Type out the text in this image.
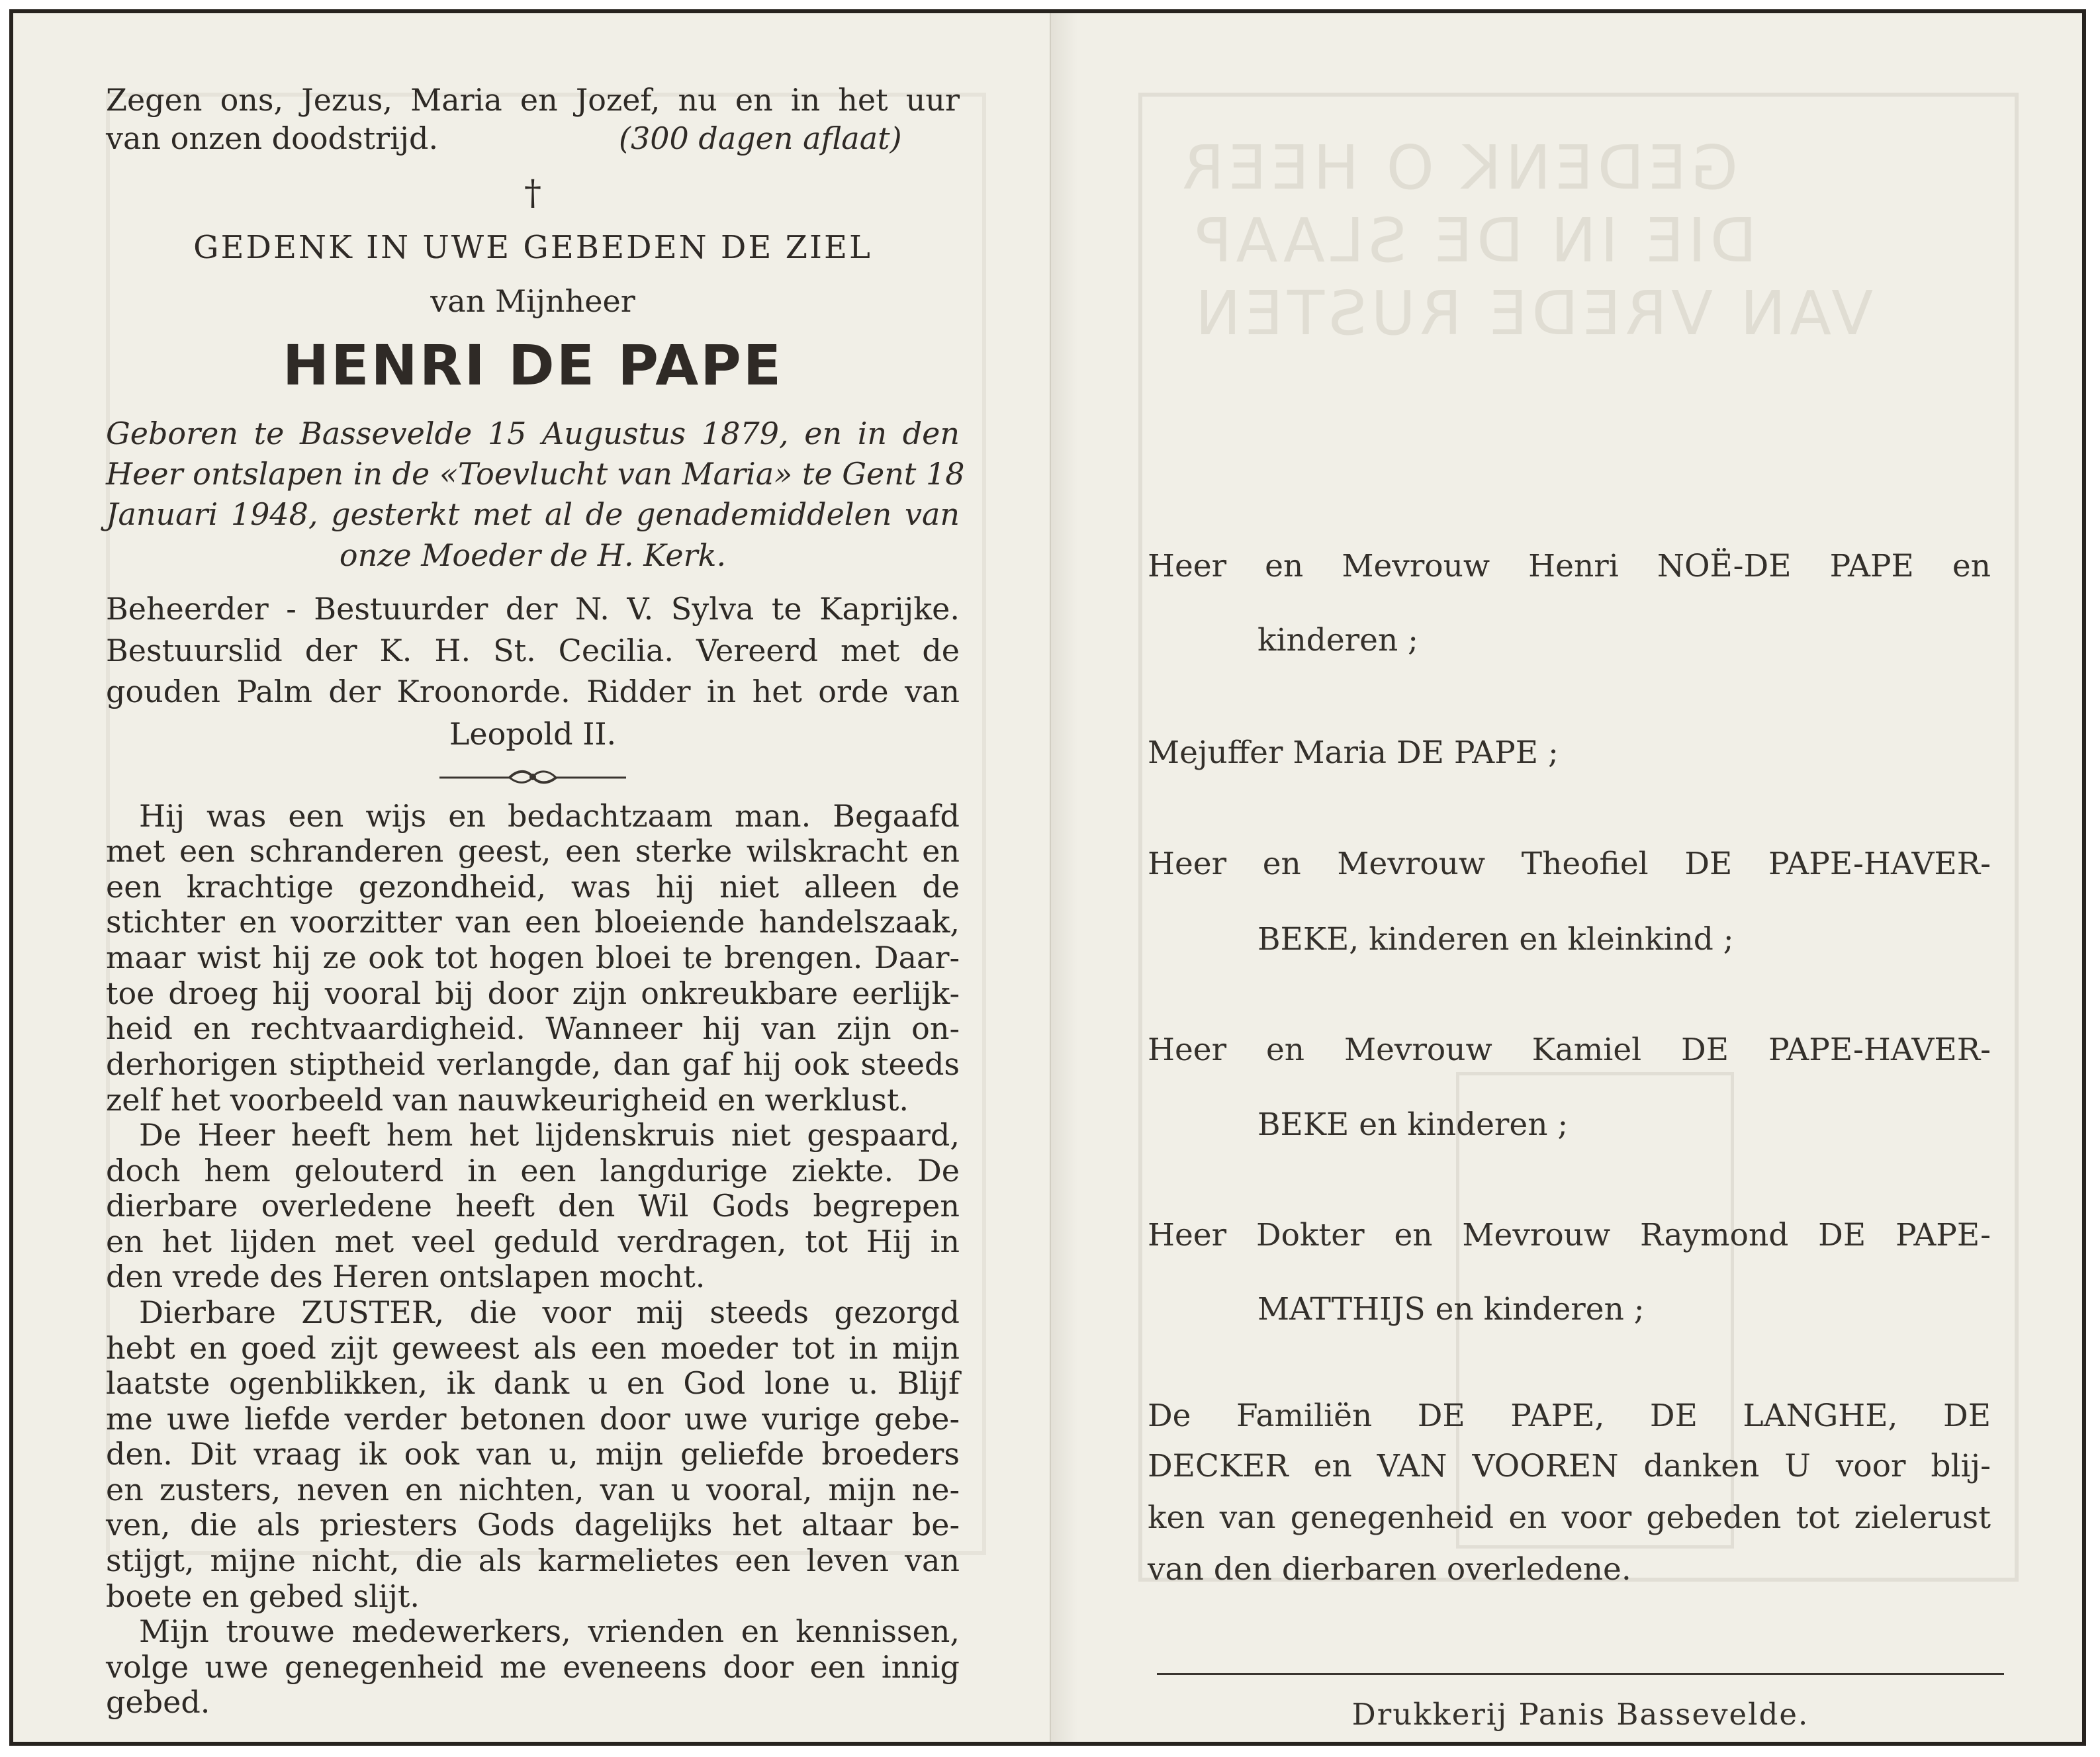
GEDENK O HEER
DIE IN DE SLAAP
VAN VREDE RUSTEN
Zegen ons, Jezus, Maria en Jozef, nu en in het uur
van onzen doodstrijd.	(300 dagen aflaat)
†
GEDENK IN UWE GEBEDEN DE ZIEL
van Mijnheer
HENRI DE PAPE
Geboren te Bassevelde 15 Augustus 1879, en in den
Heer ontslapen in de «Toevlucht van Maria» te Gent 18
Januari 1948, gesterkt met al de genademiddelen van
onze Moeder de H. Kerk.
Beheerder - Bestuurder der N. V. Sylva te Kaprijke.
Bestuurslid der K. H. St. Cecilia. Vereerd met de
gouden Palm der Kroonorde. Ridder in het orde van
Leopold II.
Hij was een wijs en bedachtzaam man. Begaafd
met een schranderen geest, een sterke wilskracht en
een krachtige gezondheid, was hij niet alleen de
stichter en voorzitter van een bloeiende handelszaak,
maar wist hij ze ook tot hogen bloei te brengen. Daar-
toe droeg hij vooral bij door zijn onkreukbare eerlijk-
heid en rechtvaardigheid. Wanneer hij van zijn on-
derhorigen stiptheid verlangde, dan gaf hij ook steeds
zelf het voorbeeld van nauwkeurigheid en werklust.
De Heer heeft hem het lijdenskruis niet gespaard,
doch hem gelouterd in een langdurige ziekte. De
dierbare overledene heeft den Wil Gods begrepen
en het lijden met veel geduld verdragen, tot Hij in
den vrede des Heren ontslapen mocht.
Dierbare ZUSTER, die voor mij steeds gezorgd
hebt en goed zijt geweest als een moeder tot in mijn
laatste ogenblikken, ik dank u en God lone u. Blijf
me uwe liefde verder betonen door uwe vurige gebe-
den. Dit vraag ik ook van u, mijn geliefde broeders
en zusters, neven en nichten, van u vooral, mijn ne-
ven, die als priesters Gods dagelijks het altaar be-
stijgt, mijne nicht, die als karmelietes een leven van
boete en gebed slijt.
Mijn trouwe medewerkers, vrienden en kennissen,
volge uwe genegenheid me eveneens door een innig
gebed.
Heer en Mevrouw Henri NOË-DE PAPE en
kinderen ;
Mejuffer Maria DE PAPE ;
Heer en Mevrouw Theofiel DE PAPE-HAVER-
BEKE, kinderen en kleinkind ;
Heer en Mevrouw Kamiel DE PAPE-HAVER-
BEKE en kinderen ;
Heer Dokter en Mevrouw Raymond DE PAPE-
MATTHIJS en kinderen ;
De Familiën DE PAPE, DE LANGHE, DE
DECKER en VAN VOOREN danken U voor blij-
ken van genegenheid en voor gebeden tot zielerust
van den dierbaren overledene.
Drukkerij Panis Bassevelde.
